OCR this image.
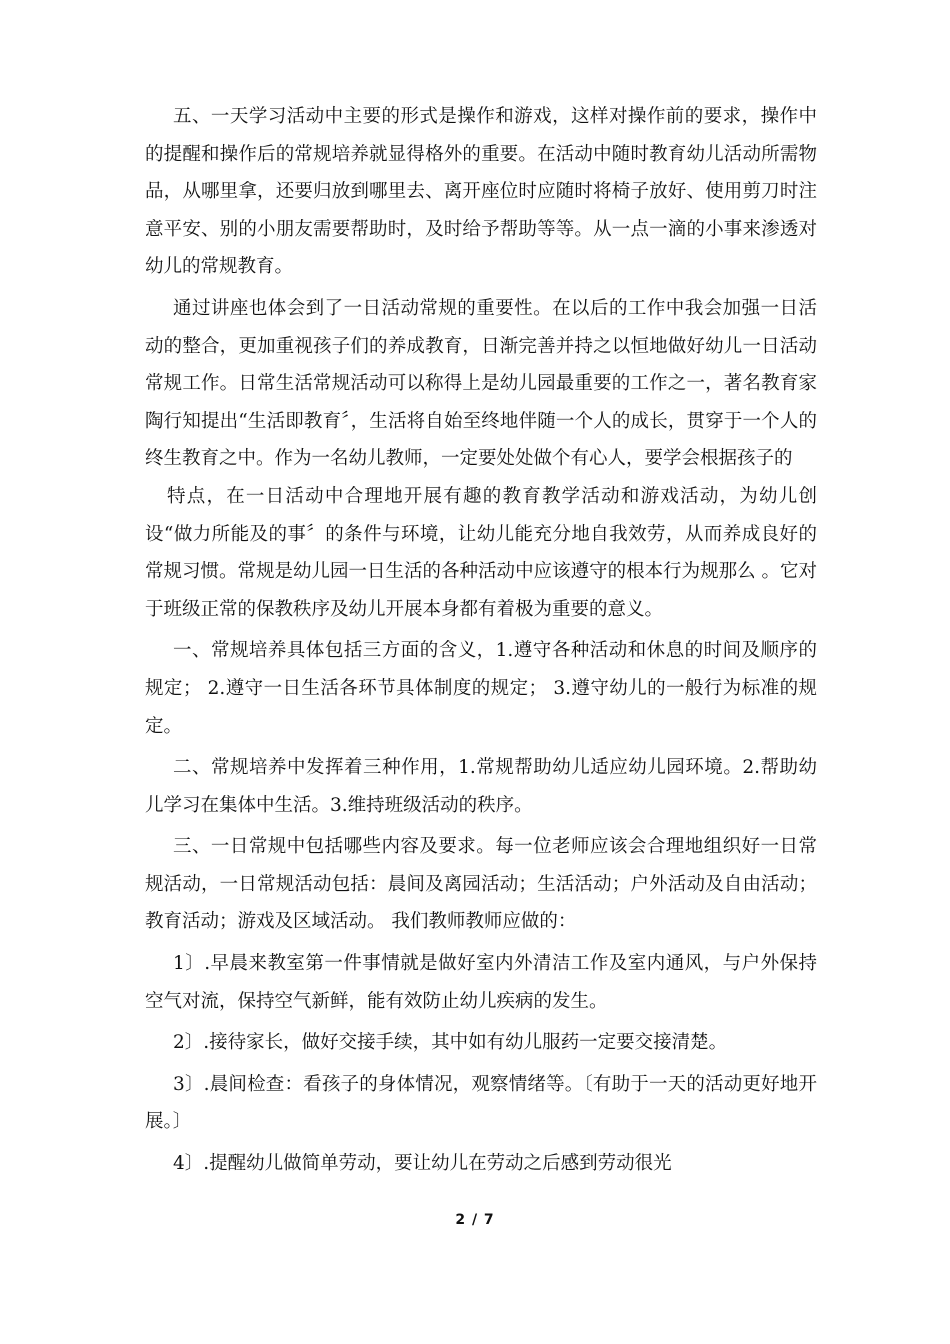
五、一天学习活动中主要的形式是操作和游戏，这样对操作前的要求，操作中的提醒和操作后的常规培养就显得格外的重要。在活动中随时教育幼儿活动所需物品，从哪里拿，还要归放到哪里去、离开座位时应随时将椅子放好、使用剪刀时注意平安、别的小朋友需要帮助时，及时给予帮助等等。从一点一滴的小事来渗透对幼儿的常规教育。

通过讲座也体会到了一日活动常规的重要性。在以后的工作中我会加强一日活动的整合，更加重视孩子们的养成教育，日渐完善并持之以恒地做好幼儿一日活动常规工作。日常生活常规活动可以称得上是幼儿园最重要的工作之一，著名教育家陶行知提出“生活即教育〞，生活将自始至终地伴随一个人的成长，贯穿于一个人的终生教育之中。作为一名幼儿教师，一定要处处做个有心人，要学会根据孩子的

特点，在一日活动中合理地开展有趣的教育教学活动和游戏活动，为幼儿创设“做力所能及的事〞的条件与环境，让幼儿能充分地自我效劳，从而养成良好的常规习惯。常规是幼儿园一日生活的各种活动中应该遵守的根本行为规那么 。它对于班级正常的保教秩序及幼儿开展本身都有着极为重要的意义。

一、常规培养具体包括三方面的含义，1.遵守各种活动和休息的时间及顺序的规定； 2.遵守一日生活各环节具体制度的规定； 3.遵守幼儿的一般行为标准的规定。

二、常规培养中发挥着三种作用，1.常规帮助幼儿适应幼儿园环境。2.帮助幼儿学习在集体中生活。3.维持班级活动的秩序。

三、一日常规中包括哪些内容及要求。每一位老师应该会合理地组织好一日常规活动，一日常规活动包括：晨间及离园活动；生活活动；户外活动及自由活动；教育活动；游戏及区域活动。 我们教师教师应做的：

1〕.早晨来教室第一件事情就是做好室内外清洁工作及室内通风，与户外保持空气对流，保持空气新鲜，能有效防止幼儿疾病的发生。

2〕.接待家长，做好交接手续，其中如有幼儿服药一定要交接清楚。

3〕.晨间检查：看孩子的身体情况，观察情绪等。〔有助于一天的活动更好地开展。〕

4〕.提醒幼儿做简单劳动，要让幼儿在劳动之后感到劳动很光

2 / 7
